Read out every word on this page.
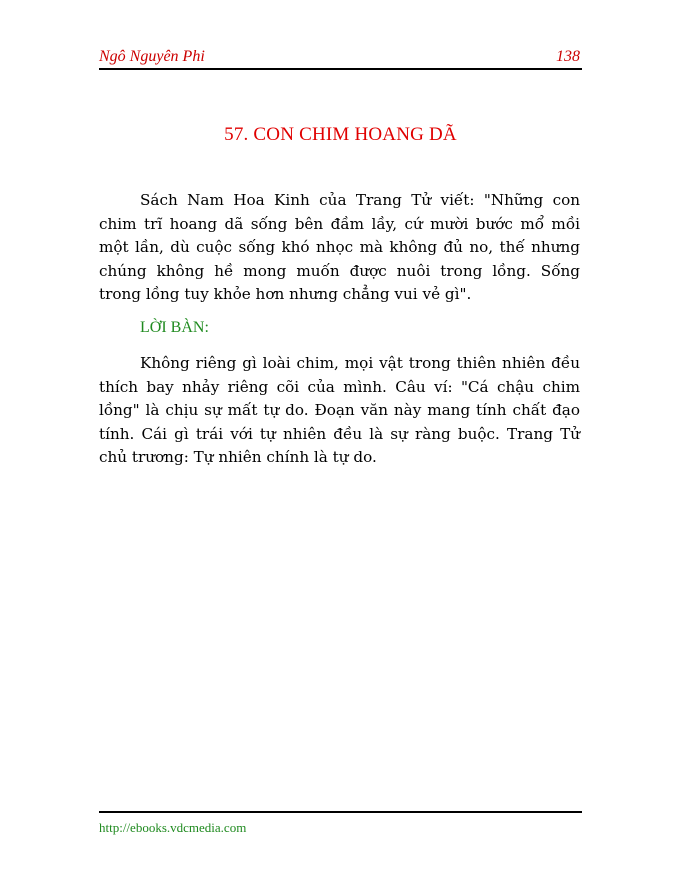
Ngô Nguyên Phi	138
57. CON CHIM HOANG DÃ

Sách Nam Hoa Kinh của Trang Tử viết: "Những con chim trĩ hoang dã sống bên đầm lầy, cứ mười bước mổ mồi một lần, dù cuộc sống khó nhọc mà không đủ no, thế nhưng chúng không hề mong muốn được nuôi trong lồng. Sống trong lồng tuy khỏe hơn nhưng chẳng vui vẻ gì".

LỜI BÀN:

Không riêng gì loài chim, mọi vật trong thiên nhiên đều thích bay nhảy riêng cõi của mình. Câu ví: "Cá chậu chim lồng" là chịu sự mất tự do. Đoạn văn này mang tính chất đạo tính. Cái gì trái với tự nhiên đều là sự ràng buộc. Trang Tử chủ trương: Tự nhiên chính là tự do.

http://ebooks.vdcmedia.com
